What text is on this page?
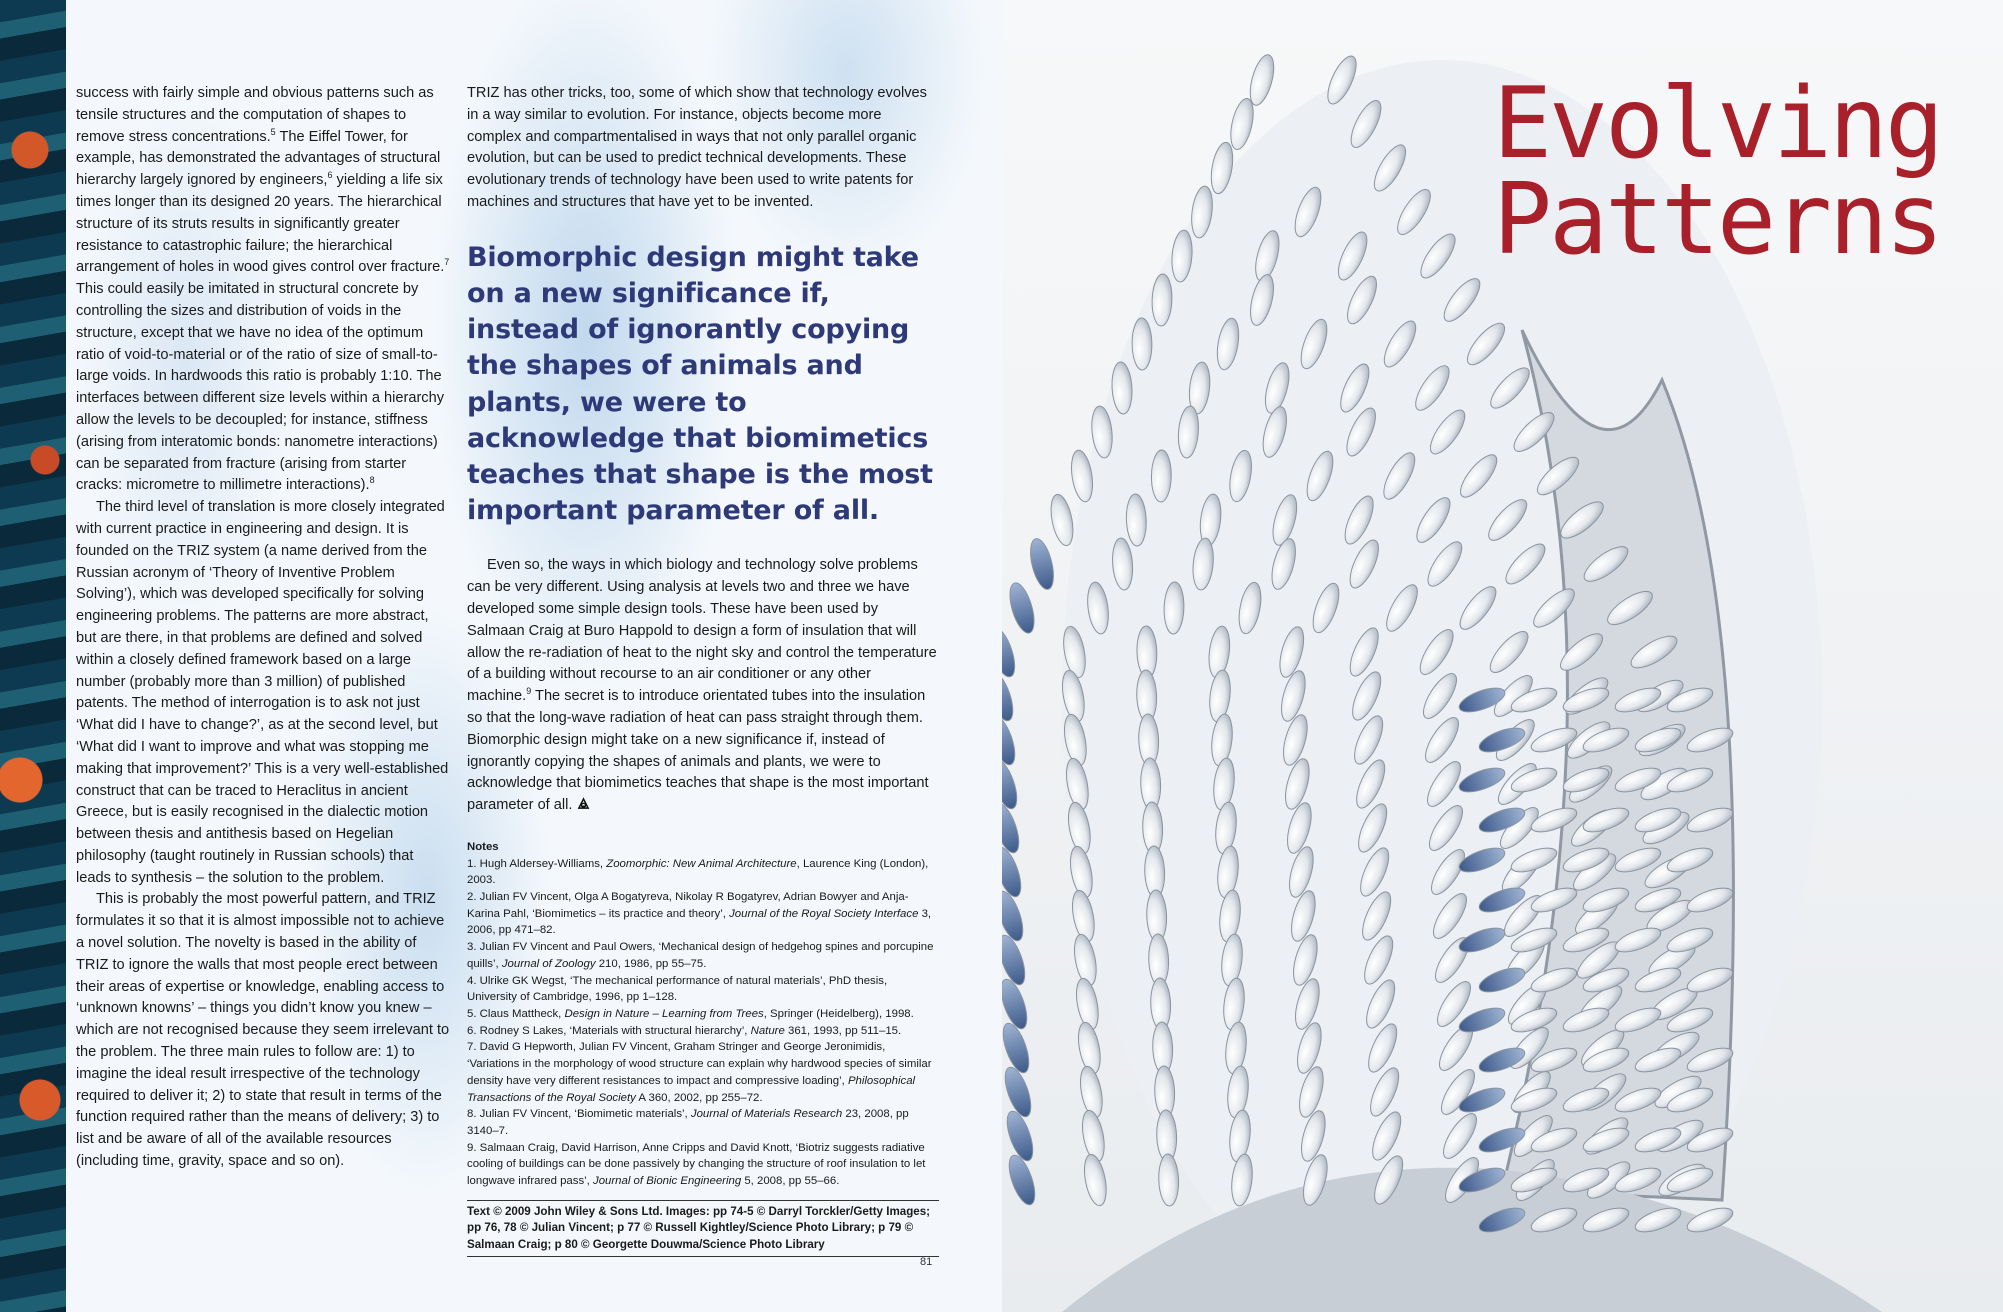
success with fairly simple and obvious patterns such as tensile structures and the computation of shapes to remove stress concentrations.$^5$ The Eiffel Tower, for example, has demonstrated the advantages of structural hierarchy largely ignored by engineers,$^6$ yielding a life six times longer than its designed 20 years. The hierarchical structure of its struts results in significantly greater resistance to catastrophic failure; the hierarchical arrangement of holes in wood gives control over fracture.$^7$ This could easily be imitated in structural concrete by controlling the sizes and distribution of voids in the structure, except that we have no idea of the optimum ratio of void-to-material or of the ratio of size of small-to-large voids. In hardwoods this ratio is probably 1:10. The interfaces between different size levels within a hierarchy allow the levels to be decoupled; for instance, stiffness (arising from interatomic bonds: nanometre interactions) can be separated from fracture (arising from starter cracks: micrometre to millimetre interactions).$^8$

The third level of translation is more closely integrated with current practice in engineering and design. It is founded on the TRIZ system (a name derived from the Russian acronym of ‘Theory of Inventive Problem Solving’), which was developed specifically for solving engineering problems. The patterns are more abstract, but are there, in that problems are defined and solved within a closely defined framework based on a large number (probably more than 3 million) of published patents. The method of interrogation is to ask not just ‘What did I have to change?’, as at the second level, but ‘What did I want to improve and what was stopping me making that improvement?’ This is a very well-established construct that can be traced to Heraclitus in ancient Greece, but is easily recognised in the dialectic motion between thesis and antithesis based on Hegelian philosophy (taught routinely in Russian schools) that leads to synthesis – the solution to the problem.

This is probably the most powerful pattern, and TRIZ formulates it so that it is almost impossible not to achieve a novel solution. The novelty is based in the ability of TRIZ to ignore the walls that most people erect between their areas of expertise or knowledge, enabling access to ‘unknown knowns’ – things you didn’t know you knew – which are not recognised because they seem irrelevant to the problem. The three main rules to follow are: 1) to imagine the ideal result irrespective of the technology required to deliver it; 2) to state that result in terms of the function required rather than the means of delivery; 3) to list and be aware of all of the available resources (including time, gravity, space and so on).

TRIZ has other tricks, too, some of which show that technology evolves in a way similar to evolution. For instance, objects become more complex and compartmentalised in ways that not only parallel organic evolution, but can be used to predict technical developments. These evolutionary trends of technology have been used to write patents for machines and structures that have yet to be invented.

Biomorphic design might take on a new significance if, instead of ignorantly copying the shapes of animals and plants, we were to acknowledge that biomimetics teaches that shape is the most important parameter of all.

Even so, the ways in which biology and technology solve problems can be very different. Using analysis at levels two and three we have developed some simple design tools. These have been used by Salmaan Craig at Buro Happold to design a form of insulation that will allow the re-radiation of heat to the night sky and control the temperature of a building without recourse to an air conditioner or any other machine.$^9$ The secret is to introduce orientated tubes into the insulation so that the long-wave radiation of heat can pass straight through them. Biomorphic design might take on a new significance if, instead of ignorantly copying the shapes of animals and plants, we were to acknowledge that biomimetics teaches that shape is the most important parameter of all.

Notes
1. Hugh Aldersey-Williams, Zoomorphic: New Animal Architecture, Laurence King (London), 2003.
2. Julian FV Vincent, Olga A Bogatyreva, Nikolay R Bogatyrev, Adrian Bowyer and Anja-Karina Pahl, ‘Biomimetics – its practice and theory’, Journal of the Royal Society Interface 3, 2006, pp 471–82.
3. Julian FV Vincent and Paul Owers, ‘Mechanical design of hedgehog spines and porcupine quills’, Journal of Zoology 210, 1986, pp 55–75.
4. Ulrike GK Wegst, ‘The mechanical performance of natural materials’, PhD thesis, University of Cambridge, 1996, pp 1–128.
5. Claus Mattheck, Design in Nature – Learning from Trees, Springer (Heidelberg), 1998.
6. Rodney S Lakes, ‘Materials with structural hierarchy’, Nature 361, 1993, pp 511–15.
7. David G Hepworth, Julian FV Vincent, Graham Stringer and George Jeronimidis, ‘Variations in the morphology of wood structure can explain why hardwood species of similar density have very different resistances to impact and compressive loading’, Philosophical Transactions of the Royal Society A 360, 2002, pp 255–72.
8. Julian FV Vincent, ‘Biomimetic materials’, Journal of Materials Research 23, 2008, pp 3140–7.
9. Salmaan Craig, David Harrison, Anne Cripps and David Knott, ‘Biotriz suggests radiative cooling of buildings can be done passively by changing the structure of roof insulation to let longwave infrared pass’, Journal of Bionic Engineering 5, 2008, pp 55–66.
Text © 2009 John Wiley & Sons Ltd. Images: pp 74-5 © Darryl Torckler/Getty Images; pp 76, 78 © Julian Vincent; p 77 © Russell Kightley/Science Photo Library; p 79 © Salmaan Craig; p 80 © Georgette Douwma/Science Photo Library
81
Evolving
Patterns
